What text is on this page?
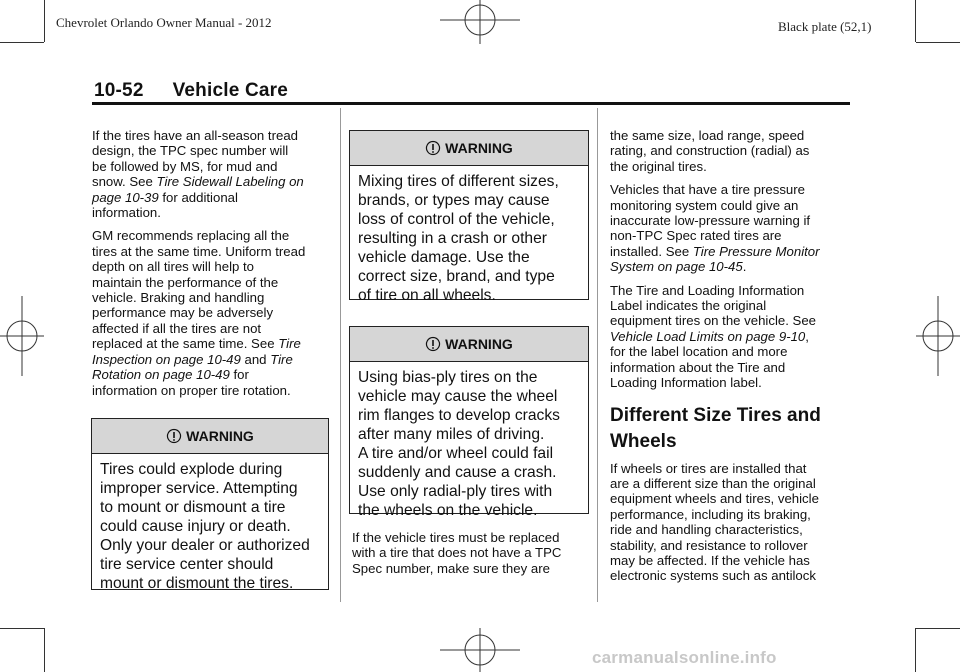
Chevrolet Orlando Owner Manual - 2012	Black plate (52,1)
10-52 Vehicle Care

If the tires have an all-season tread
design, the TPC spec number will
be followed by MS, for mud and
snow. See Tire Sidewall Labeling on
page 10-39 for additional
information.

GM recommends replacing all the
tires at the same time. Uniform tread
depth on all tires will help to
maintain the performance of the
vehicle. Braking and handling
performance may be adversely
affected if all the tires are not
replaced at the same time. See Tire
Inspection on page 10-49 and Tire
Rotation on page 10-49 for
information on proper tire rotation.

WARNING
Tires could explode during
improper service. Attempting
to mount or dismount a tire
could cause injury or death.
Only your dealer or authorized
tire service center should
mount or dismount the tires.
WARNING
Mixing tires of different sizes,
brands, or types may cause
loss of control of the vehicle,
resulting in a crash or other
vehicle damage. Use the
correct size, brand, and type
of tire on all wheels.
WARNING
Using bias-ply tires on the
vehicle may cause the wheel
rim flanges to develop cracks
after many miles of driving.
A tire and/or wheel could fail
suddenly and cause a crash.
Use only radial-ply tires with
the wheels on the vehicle.

If the vehicle tires must be replaced
with a tire that does not have a TPC
Spec number, make sure they are

the same size, load range, speed
rating, and construction (radial) as
the original tires.

Vehicles that have a tire pressure
monitoring system could give an
inaccurate low-pressure warning if
non-TPC Spec rated tires are
installed. See Tire Pressure Monitor
System on page 10-45.

The Tire and Loading Information
Label indicates the original
equipment tires on the vehicle. See
Vehicle Load Limits on page 9-10,
for the label location and more
information about the Tire and
Loading Information label.

Different Size Tires and
Wheels

If wheels or tires are installed that
are a different size than the original
equipment wheels and tires, vehicle
performance, including its braking,
ride and handling characteristics,
stability, and resistance to rollover
may be affected. If the vehicle has
electronic systems such as antilock

carmanualsonline.info
